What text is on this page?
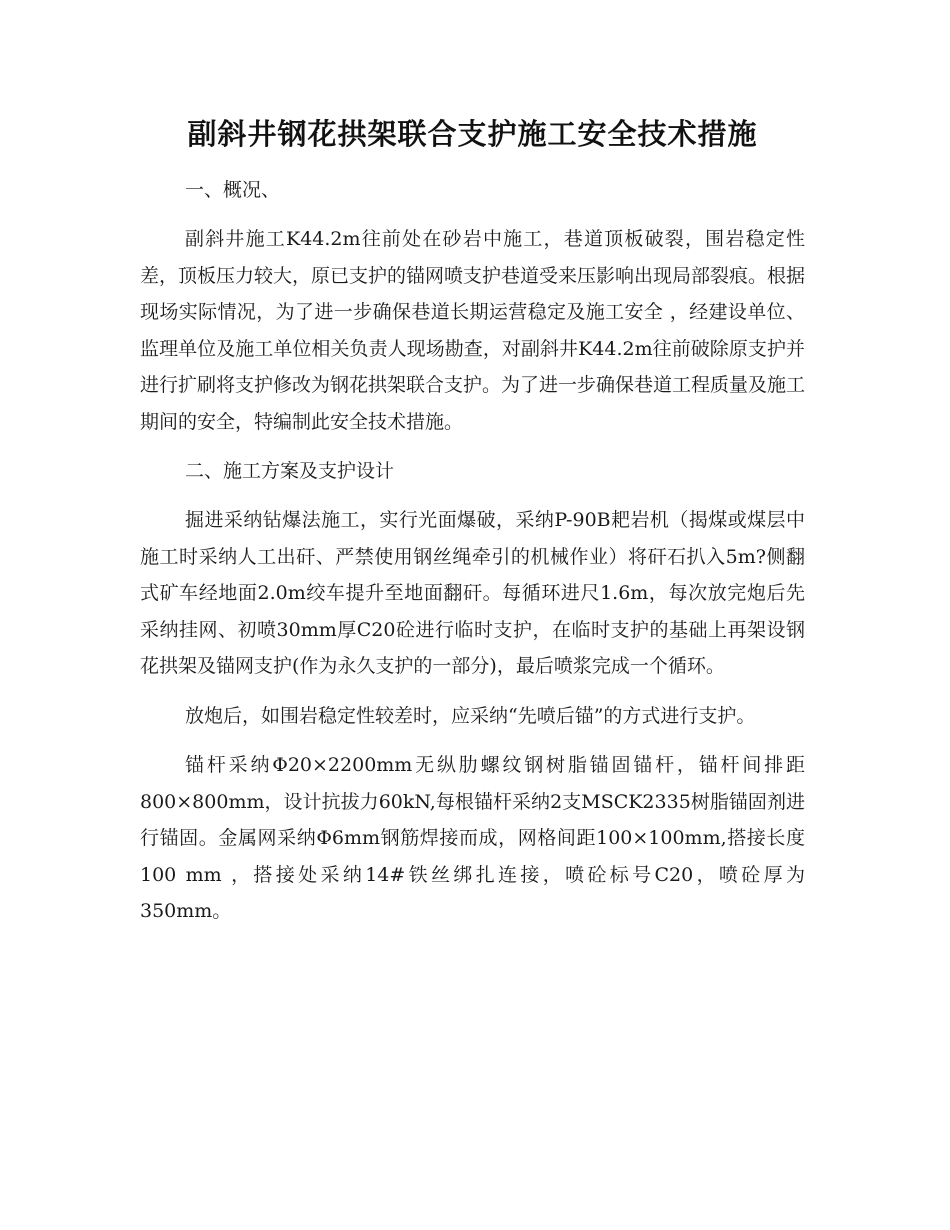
副斜井钢花拱架联合支护施工安全技术措施
一、概况、

副斜井施工K44.2m往前处在砂岩中施工，巷道顶板破裂，围岩稳定性差，顶板压力较大，原已支护的锚网喷支护巷道受来压影响出现局部裂痕。根据现场实际情况，为了进一步确保巷道长期运营稳定及施工安全 ，经建设单位、监理单位及施工单位相关负责人现场勘查，对副斜井K44.2m往前破除原支护并进行扩刷将支护修改为钢花拱架联合支护。为了进一步确保巷道工程质量及施工期间的安全，特编制此安全技术措施。

二、施工方案及支护设计

掘进采纳钻爆法施工，实行光面爆破，采纳P-90B耙岩机（揭煤或煤层中施工时采纳人工出矸、严禁使用钢丝绳牵引的机械作业）将矸石扒入5m?侧翻式矿车经地面2.0m绞车提升至地面翻矸。每循环进尺1.6m，每次放完炮后先采纳挂网、初喷30mm厚C20砼进行临时支护，在临时支护的基础上再架设钢花拱架及锚网支护(作为永久支护的一部分)，最后喷浆完成一个循环。

放炮后，如围岩稳定性较差时，应采纳“先喷后锚”的方式进行支护。

锚杆采纳Φ20×2200mm无纵肋螺纹钢树脂锚固锚杆，锚杆间排距800×800mm，设计抗拔力60kN,每根锚杆采纳2支MSCK2335树脂锚固剂进行锚固。金属网采纳Φ6mm钢筋焊接而成，网格间距100×100mm,搭接长度100 mm ，搭接处采纳14#铁丝绑扎连接，喷砼标号C20，喷砼厚为350mm。
